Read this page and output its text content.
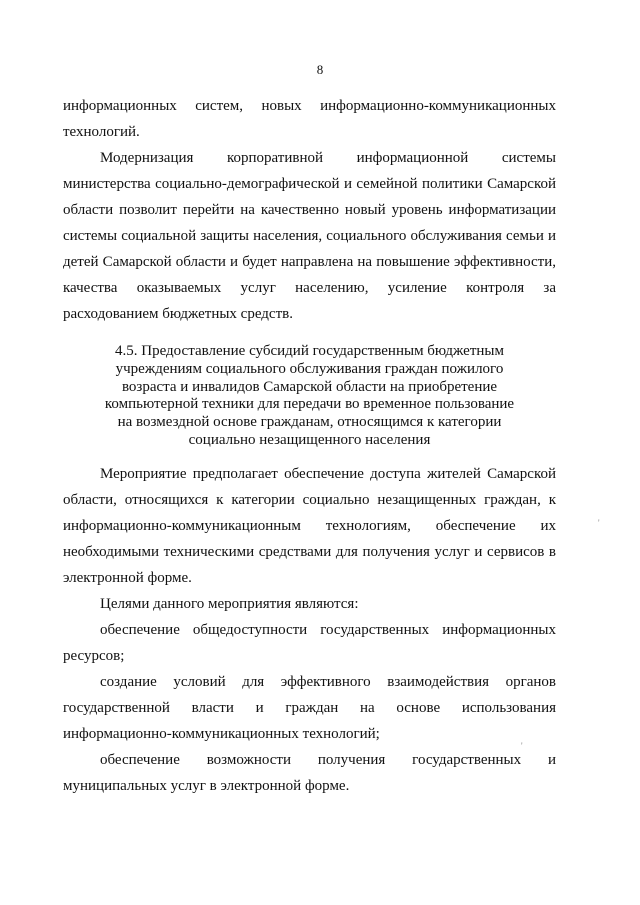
8

информационных систем, новых информационно-коммуникационных технологий.

Модернизация корпоративной информационной системы министерства социально-демографической и семейной политики Самарской области позволит перейти на качественно новый уровень информатизации системы социальной защиты населения, социального обслуживания семьи и детей Самарской области и будет направлена на повышение эффективности, качества оказываемых услуг населению, усиление контроля за расходованием бюджетных средств.

4.5. Предоставление субсидий государственным бюджетным
учреждениям социального обслуживания граждан пожилого
возраста и инвалидов Самарской области на приобретение
компьютерной техники для передачи во временное пользование
на возмездной основе гражданам, относящимся к категории
социально незащищенного населения

Мероприятие предполагает обеспечение доступа жителей Самарской области, относящихся к категории социально незащищенных граждан, к информационно-коммуникационным технологиям, обеспечение их необходимыми техническими средствами для получения услуг и сервисов в электронной форме.

Целями данного мероприятия являются:

обеспечение общедоступности государственных информационных ресурсов;

создание условий для эффективного взаимодействия органов государственной власти и граждан на основе использования информационно-коммуникационных технологий;

обеспечение возможности получения государственных и муниципальных услуг в электронной форме.

'
'
